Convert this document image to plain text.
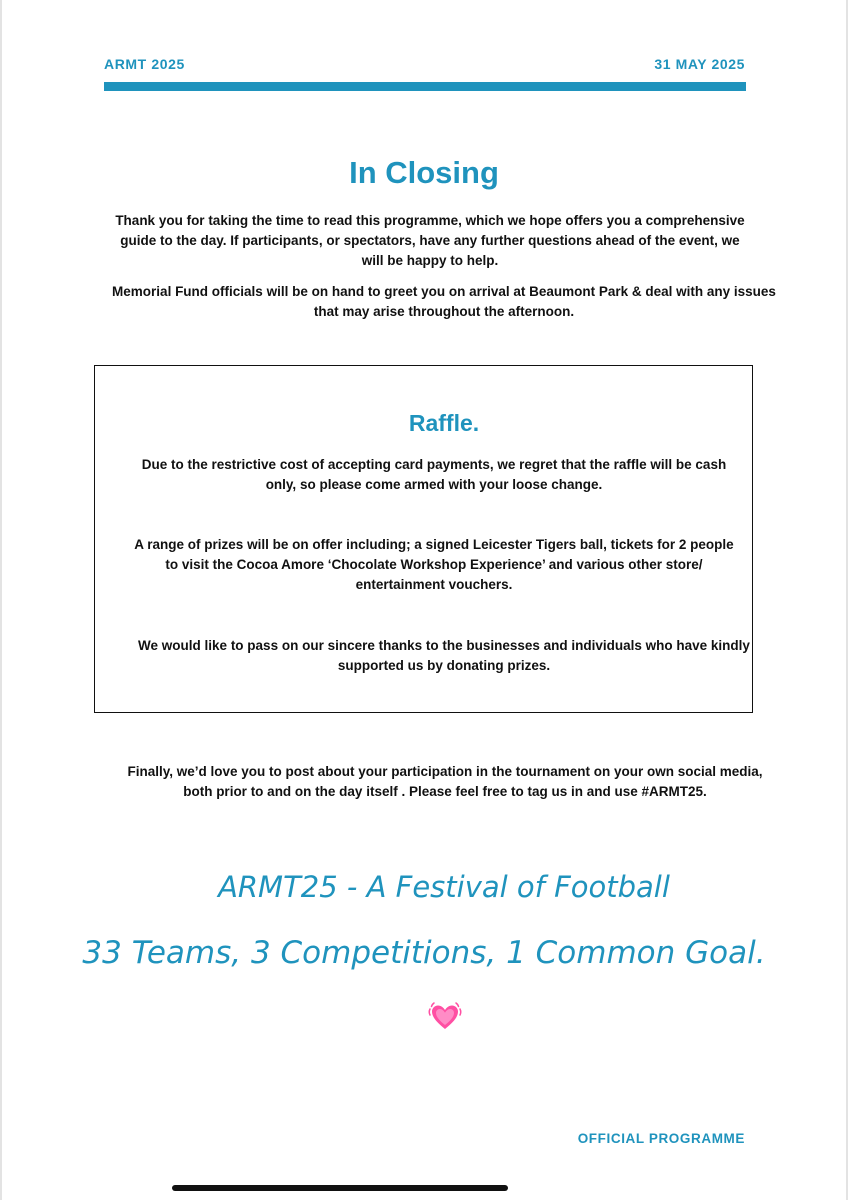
ARMT 2025	31 MAY 2025
In Closing
Thank you for taking the time to read this programme, which we hope offers you a comprehensive guide to the day. If participants, or spectators, have any further questions ahead of the event, we will be happy to help.
Memorial Fund officials will be on hand to greet you on arrival at Beaumont Park & deal with any issues that may arise throughout the afternoon.
Raffle.
Due to the restrictive cost of accepting card payments, we regret that the raffle will be cash only, so please come armed with your loose change.
A range of prizes will be on offer including; a signed Leicester Tigers ball, tickets for 2 people to visit the Cocoa Amore ‘Chocolate Workshop Experience’ and various other store/ entertainment vouchers.
We would like to pass on our sincere thanks to the businesses and individuals who have kindly supported us by donating prizes.
Finally, we’d love you to post about your participation in the tournament on your own social media, both prior to and on the day itself . Please feel free to tag us in and use #ARMT25.
ARMT25 - A Festival of Football
33 Teams, 3 Competitions, 1 Common Goal.
OFFICIAL PROGRAMME
